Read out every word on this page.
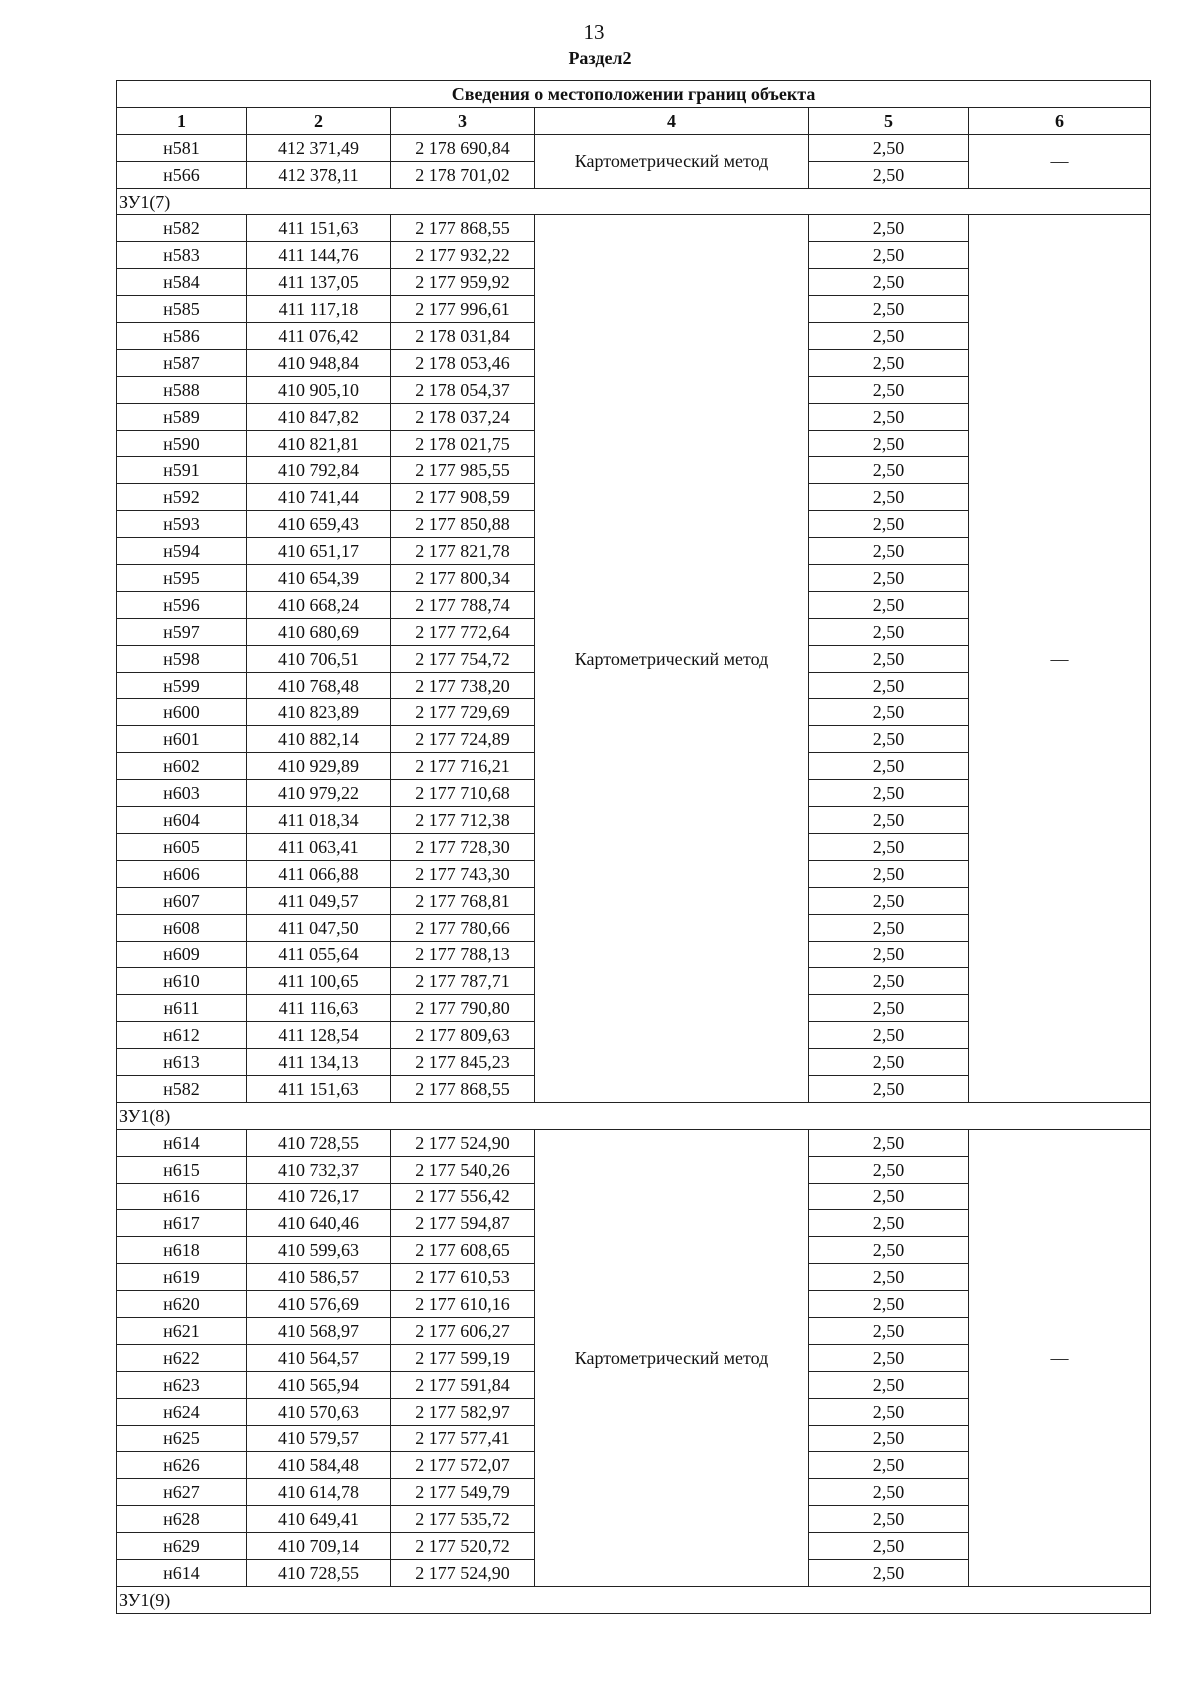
13
Раздел2
Сведения о местоположении границ объекта					
1	2	3	4	5	6
н581	412 371,49	2 178 690,84	Картометрический метод	2,50	—
н566	412 378,11	2 178 701,02		2,50	
ЗУ1(7)					
н582	411 151,63	2 177 868,55	Картометрический метод	2,50	—
н583	411 144,76	2 177 932,22		2,50	
н584	411 137,05	2 177 959,92		2,50	
н585	411 117,18	2 177 996,61		2,50	
н586	411 076,42	2 178 031,84		2,50	
н587	410 948,84	2 178 053,46		2,50	
н588	410 905,10	2 178 054,37		2,50	
н589	410 847,82	2 178 037,24		2,50	
н590	410 821,81	2 178 021,75		2,50	
н591	410 792,84	2 177 985,55		2,50	
н592	410 741,44	2 177 908,59		2,50	
н593	410 659,43	2 177 850,88		2,50	
н594	410 651,17	2 177 821,78		2,50	
н595	410 654,39	2 177 800,34		2,50	
н596	410 668,24	2 177 788,74		2,50	
н597	410 680,69	2 177 772,64		2,50	
н598	410 706,51	2 177 754,72		2,50	
н599	410 768,48	2 177 738,20		2,50	
н600	410 823,89	2 177 729,69		2,50	
н601	410 882,14	2 177 724,89		2,50	
н602	410 929,89	2 177 716,21		2,50	
н603	410 979,22	2 177 710,68		2,50	
н604	411 018,34	2 177 712,38		2,50	
н605	411 063,41	2 177 728,30		2,50	
н606	411 066,88	2 177 743,30		2,50	
н607	411 049,57	2 177 768,81		2,50	
н608	411 047,50	2 177 780,66		2,50	
н609	411 055,64	2 177 788,13		2,50	
н610	411 100,65	2 177 787,71		2,50	
н611	411 116,63	2 177 790,80		2,50	
н612	411 128,54	2 177 809,63		2,50	
н613	411 134,13	2 177 845,23		2,50	
н582	411 151,63	2 177 868,55		2,50	
ЗУ1(8)					
н614	410 728,55	2 177 524,90	Картометрический метод	2,50	—
н615	410 732,37	2 177 540,26		2,50	
н616	410 726,17	2 177 556,42		2,50	
н617	410 640,46	2 177 594,87		2,50	
н618	410 599,63	2 177 608,65		2,50	
н619	410 586,57	2 177 610,53		2,50	
н620	410 576,69	2 177 610,16		2,50	
н621	410 568,97	2 177 606,27		2,50	
н622	410 564,57	2 177 599,19		2,50	
н623	410 565,94	2 177 591,84		2,50	
н624	410 570,63	2 177 582,97		2,50	
н625	410 579,57	2 177 577,41		2,50	
н626	410 584,48	2 177 572,07		2,50	
н627	410 614,78	2 177 549,79		2,50	
н628	410 649,41	2 177 535,72		2,50	
н629	410 709,14	2 177 520,72		2,50	
н614	410 728,55	2 177 524,90		2,50	
ЗУ1(9)					
